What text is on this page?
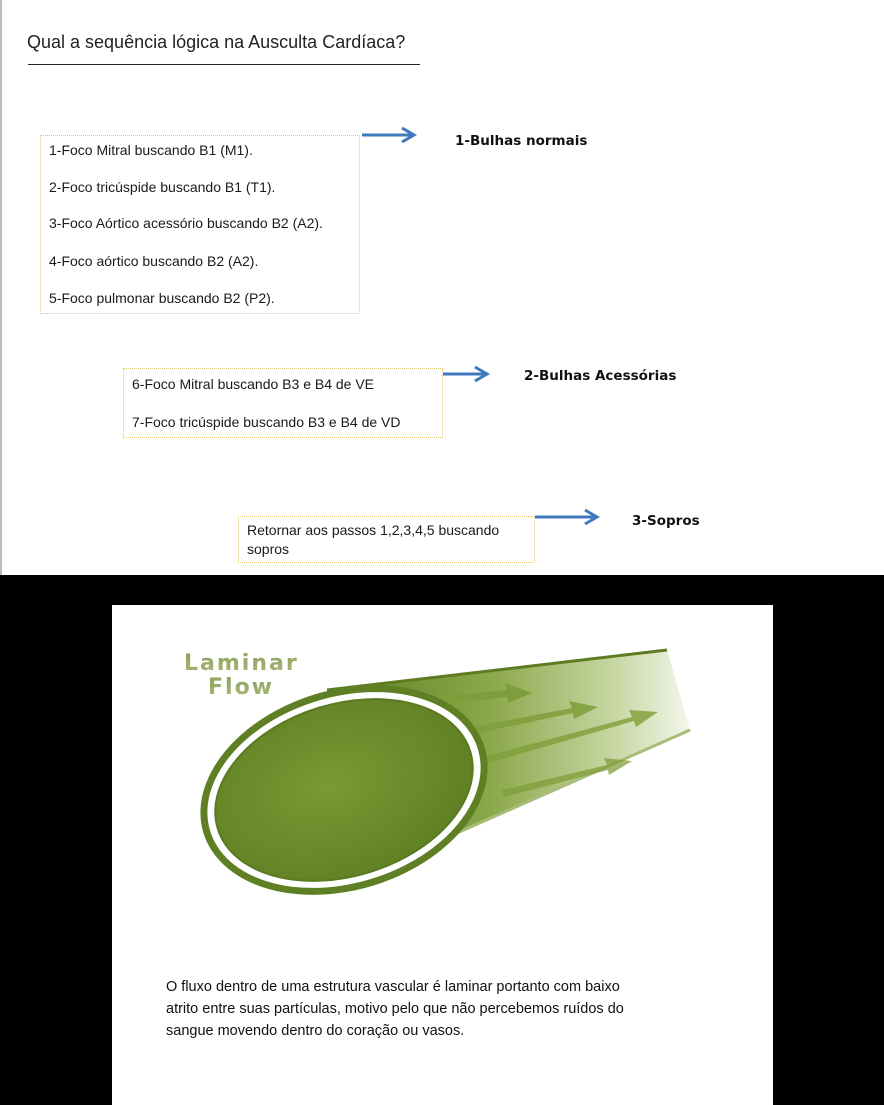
Qual a sequência lógica na Ausculta Cardíaca?
1-Foco Mitral buscando B1 (M1).
2-Foco tricúspide buscando B1 (T1).
3-Foco Aórtico acessório buscando B2 (A2).
4-Foco aórtico buscando B2 (A2).
5-Foco pulmonar buscando B2 (P2).
1-Bulhas normais
6-Foco Mitral buscando B3 e B4 de VE
7-Foco tricúspide buscando B3 e B4 de VD
2-Bulhas Acessórias
Retornar aos passos 1,2,3,4,5 buscando
sopros
3-Sopros
Laminar
Flow
O fluxo dentro de uma estrutura vascular é laminar portanto com baixo
atrito entre suas partículas, motivo pelo que não percebemos ruídos do
sangue movendo dentro do coração ou vasos.
